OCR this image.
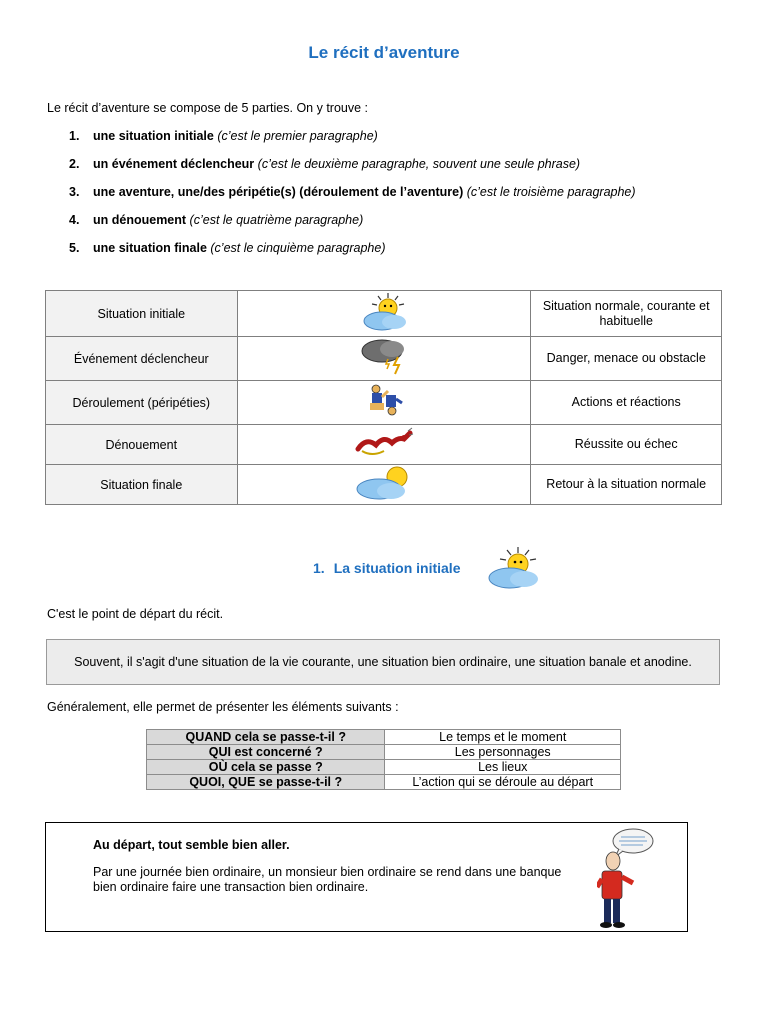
Le récit d’aventure
Le récit d’aventure se compose de 5 parties. On y trouve :
1. une situation initiale (c’est le premier paragraphe)
2. un événement déclencheur (c’est le deuxième paragraphe, souvent une seule phrase)
3. une aventure, une/des péripétie(s) (déroulement de l’aventure) (c’est le troisième paragraphe)
4. un dénouement (c’est le quatrième paragraphe)
5. une situation finale (c’est le cinquième paragraphe)
Situation initiale		Situation normale, courante et habituelle
Événement déclencheur		Danger, menace ou obstacle
Déroulement (péripéties)		Actions et réactions
Dénouement		Réussite ou échec
Situation finale		Retour à la situation normale
1. La situation initiale
C'est le point de départ du récit.
Souvent, il s'agit d'une situation de la vie courante, une situation bien ordinaire, une situation banale et anodine.
Généralement, elle permet de présenter les éléments suivants :
QUAND cela se passe-t-il ?	Le temps et le moment
QUI est concerné ?	Les personnages
OÙ cela se passe ?	Les lieux
QUOI, QUE se passe-t-il ?	L’action qui se déroule au départ
Au départ, tout semble bien aller.
Par une journée bien ordinaire, un monsieur bien ordinaire se rend dans une banque bien ordinaire faire une transaction bien ordinaire.
